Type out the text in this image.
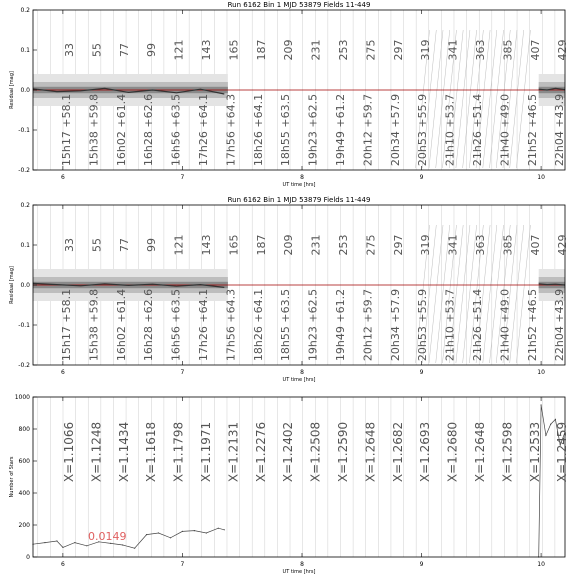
Run 6162 Bin 1 MJD 53879 Fields 11-449
6	7	8	9	10
-0.2
-0.1
0.0
0.1
0.2
UT time [hrs]
Residual [mag]
Run 6162 Bin 1 MJD 53879 Fields 11-449
6	7	8	9	10
-0.2
-0.1
0.0
0.1
0.2
UT time [hrs]
Residual [mag]
6	7	8	9	10
0
200
400
600
800
1000
UT time [hrs]
Number of Stars
33
15h17 +58.1
55
15h38 +59.8
77
16h02 +61.4
99
16h28 +62.6
121
16h56 +63.5
143
17h26 +64.1
165
17h56 +64.3
187
18h26 +64.1
209
18h55 +63.5
231
19h23 +62.5
253
19h49 +61.2
275
20h12 +59.7
297
20h34 +57.9
319
20h53 +55.9
341
21h10 +53.7
363
21h26 +51.4
385
21h40 +49.0
407
21h52 +46.5
429
22h04 +43.9
33
15h17 +58.1
55
15h38 +59.8
77
16h02 +61.4
99
16h28 +62.6
121
16h56 +63.5
143
17h26 +64.1
165
17h56 +64.3
187
18h26 +64.1
209
18h55 +63.5
231
19h23 +62.5
253
19h49 +61.2
275
20h12 +59.7
297
20h34 +57.9
319
20h53 +55.9
341
21h10 +53.7
363
21h26 +51.4
385
21h40 +49.0
407
21h52 +46.5
429
22h04 +43.9
X=1.1066 X=1.1248 X=1.1434 X=1.1618 X=1.1798 X=1.1971 X=1.2131 X=1.2276 X=1.2402 X=1.2508 X=1.2590 X=1.2648 X=1.2682 X=1.2693 X=1.2680 X=1.2648 X=1.2598 X=1.2533 X=1.2459
0.0149
